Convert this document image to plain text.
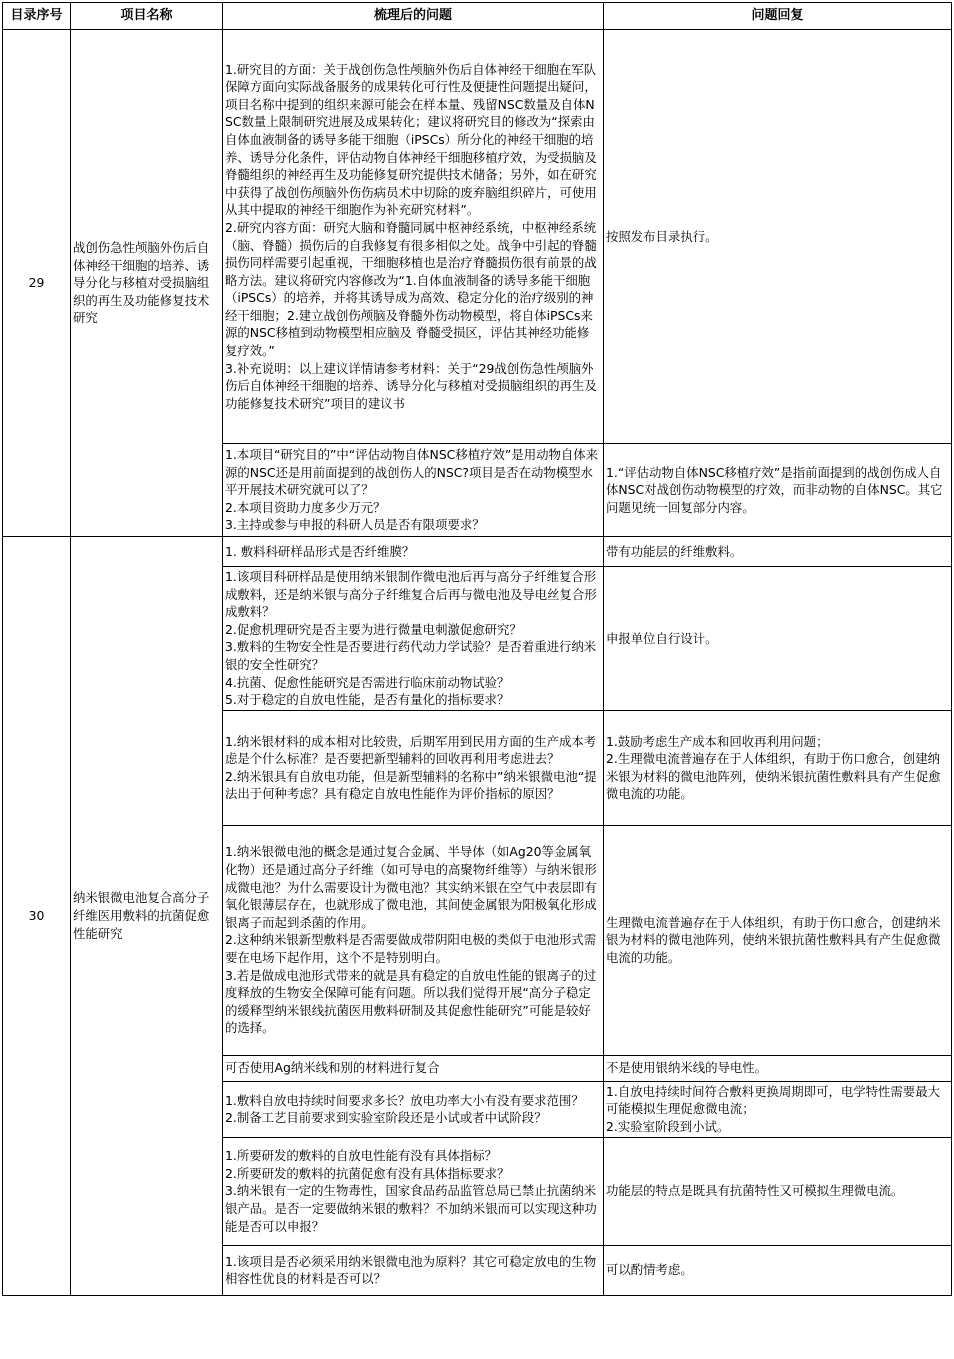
目录序号	项目名称	梳理后的问题	问题回复
29	战创伤急性颅脑外伤后自体神经干细胞的培养、诱导分化与移植对受损脑组织的再生及功能修复技术研究	1.研究目的方面：关于战创伤急性颅脑外伤后自体神经干细胞在军队保障方面向实际战备服务的成果转化可行性及便捷性问题提出疑问，项目名称中提到的组织来源可能会在样本量、残留NSC数量及自体NSC数量上限制研究进展及成果转化；建议将研究目的修改为“探索由自体血液制备的诱导多能干细胞（iPSCs）所分化的神经干细胞的培养、诱导分化条件，评估动物自体神经干细胞移植疗效，为受损脑及脊髓组织的神经再生及功能修复研究提供技术储备；另外，如在研究中获得了战创伤颅脑外伤伤病员术中切除的废弃脑组织碎片，可使用从其中提取的神经干细胞作为补充研究材料”。
2.研究内容方面：研究大脑和脊髓同属中枢神经系统，中枢神经系统（脑、脊髓）损伤后的自我修复有很多相似之处。战争中引起的脊髓损伤同样需要引起重视，干细胞移植也是治疗脊髓损伤很有前景的战略方法。建议将研究内容修改为“1.自体血液制备的诱导多能干细胞（iPSCs）的培养，并将其诱导成为高效、稳定分化的治疗级别的神经干细胞；2.建立战创伤颅脑及脊髓外伤动物模型，将自体iPSCs来源的NSC移植到动物模型相应脑及 脊髓受损区，评估其神经功能修复疗效。”
3.补充说明：以上建议详情请参考材料：关于“29战创伤急性颅脑外伤后自体神经干细胞的培养、诱导分化与移植对受损脑组织的再生及功能修复技术研究”项目的建议书	按照发布目录执行。

		1.本项目“研究目的”中“评估动物自体NSC移植疗效”是用动物自体来源的NSC还是用前面提到的战创伤人的NSC?项目是否在动物模型水平开展技术研究就可以了？
2.本项目资助力度多少万元？
3.主持或参与申报的科研人员是否有限项要求？	1.“评估动物自体NSC移植疗效”是指前面提到的战创伤成人自体NSC对战创伤动物模型的疗效，而非动物的自体NSC。其它问题见统一回复部分内容。

30	纳米银微电池复合高分子纤维医用敷料的抗菌促愈性能研究	1. 敷料科研样品形式是否纤维膜？	带有功能层的纤维敷料。

		1.该项目科研样品是使用纳米银制作微电池后再与高分子纤维复合形成敷料，还是纳米银与高分子纤维复合后再与微电池及导电丝复合形成敷料？
2.促愈机理研究是否主要为进行微量电刺激促愈研究？
3.敷料的生物安全性是否要进行药代动力学试验？是否着重进行纳米银的安全性研究？
4.抗菌、促愈性能研究是否需进行临床前动物试验？
5.对于稳定的自放电性能，是否有量化的指标要求？	申报单位自行设计。

		1.纳米银材料的成本相对比较贵，后期军用到民用方面的生产成本考虑是个什么标准？是否要把新型辅料的回收再利用考虑进去？
2.纳米银具有自放电功能，但是新型辅料的名称中”纳米银微电池“提法出于何种考虑？具有稳定自放电性能作为评价指标的原因？	1.鼓励考虑生产成本和回收再利用问题；
2.生理微电流普遍存在于人体组织，有助于伤口愈合，创建纳米银为材料的微电池阵列，使纳米银抗菌性敷料具有产生促愈微电流的功能。

		1.纳米银微电池的概念是通过复合金属、半导体（如Ag20等金属氧化物）还是通过高分子纤维（如可导电的高聚物纤维等）与纳米银形成微电池？为什么需要设计为微电池？其实纳米银在空气中表层即有氧化银薄层存在，也就形成了微电池，其间使金属银为阳极氧化形成银离子而起到杀菌的作用。
2.这种纳米银新型敷料是否需要做成带阴阳电极的类似于电池形式需要在电场下起作用，这个不是特别明白。
3.若是做成电池形式带来的就是具有稳定的自放电性能的银离子的过度释放的生物安全保障可能有问题。所以我们觉得开展“高分子稳定的缓释型纳米银线抗菌医用敷料研制及其促愈性能研究”可能是较好的选择。	生理微电流普遍存在于人体组织，有助于伤口愈合，创建纳米银为材料的微电池阵列，使纳米银抗菌性敷料具有产生促愈微电流的功能。

		可否使用Ag纳米线和别的材料进行复合	不是使用银纳米线的导电性。

		1.敷料自放电持续时间要求多长？放电功率大小有没有要求范围？
2.制备工艺目前要求到实验室阶段还是小试或者中试阶段？	1.自放电持续时间符合敷料更换周期即可，电学特性需要最大可能模拟生理促愈微电流；
2.实验室阶段到小试。

		1.所要研发的敷料的自放电性能有没有具体指标？
2.所要研发的敷料的抗菌促愈有没有具体指标要求？
3.纳米银有一定的生物毒性，国家食品药品监管总局已禁止抗菌纳米银产品。是否一定要做纳米银的敷料？不加纳米银而可以实现这种功能是否可以申报？	功能层的特点是既具有抗菌特性又可模拟生理微电流。

		1.该项目是否必须采用纳米银微电池为原料？其它可稳定放电的生物相容性优良的材料是否可以？	可以酌情考虑。
